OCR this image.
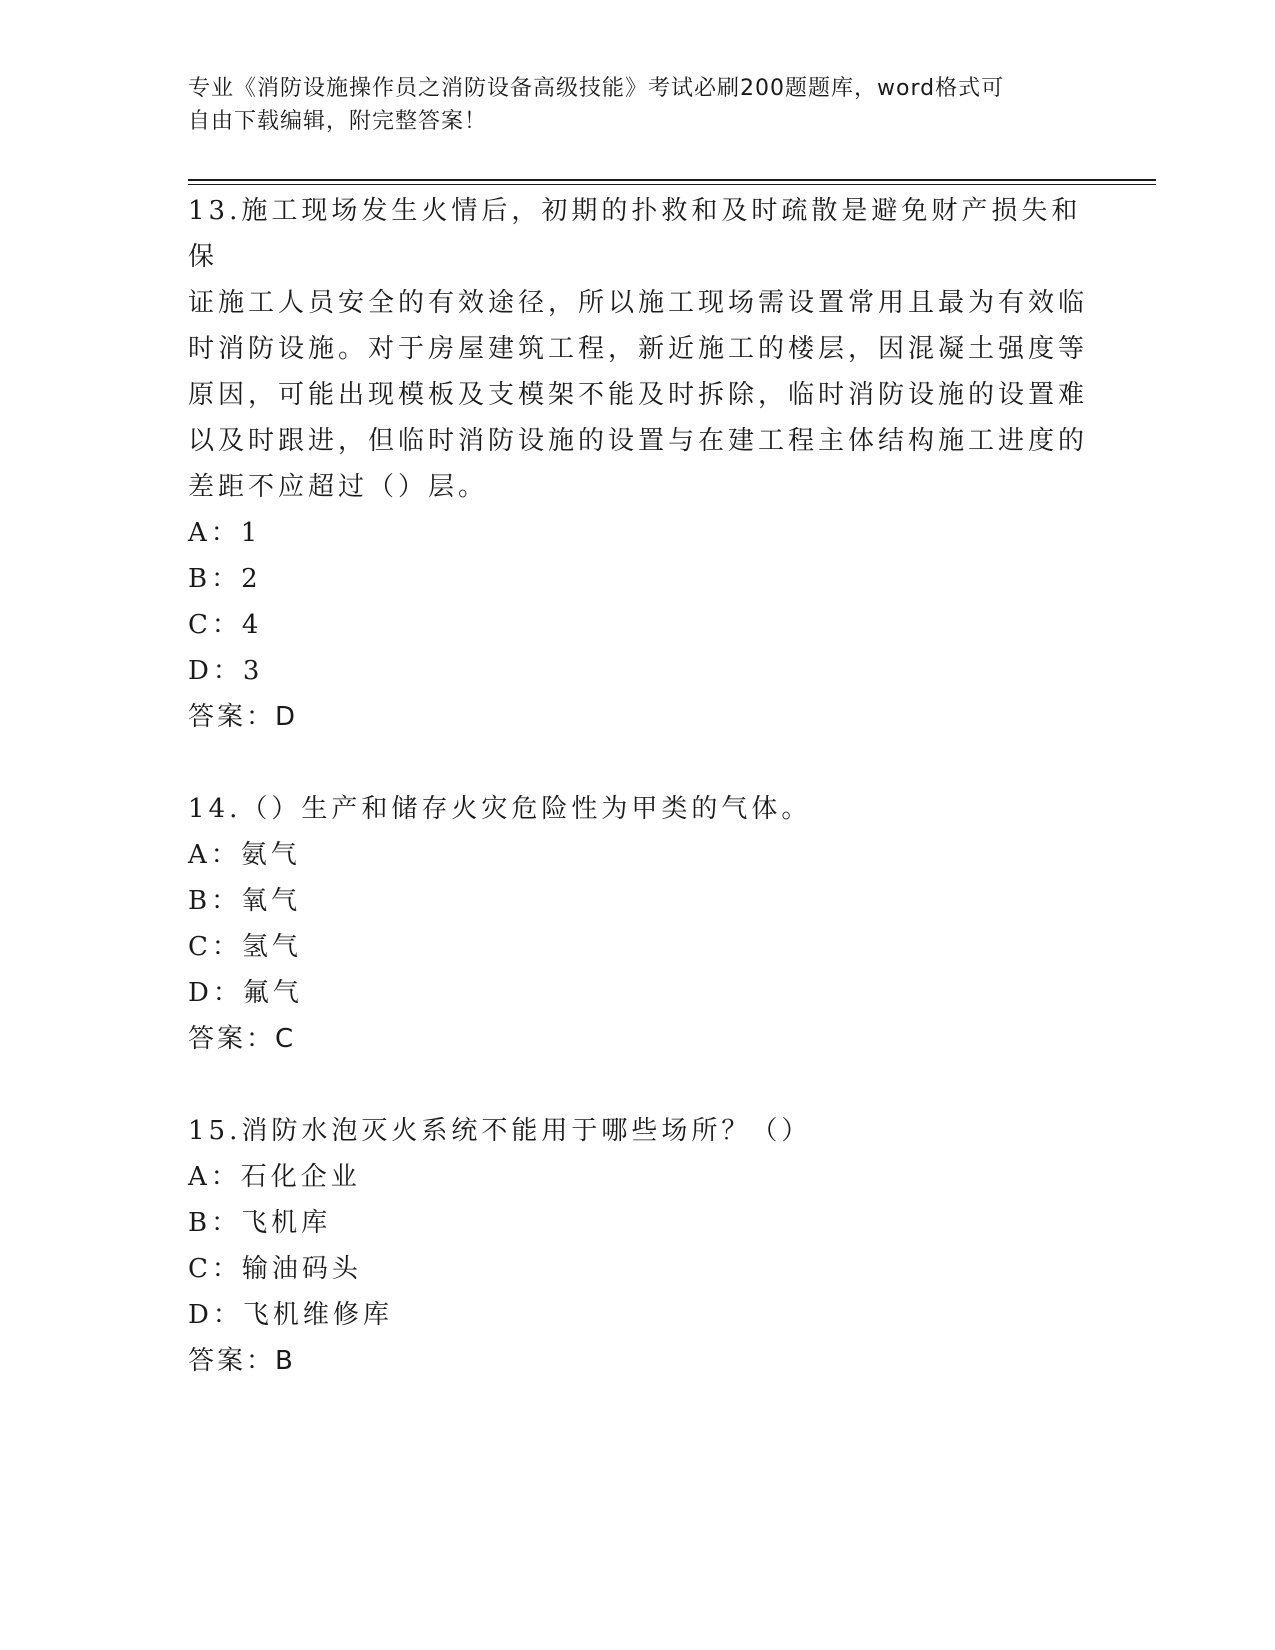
专业《消防设施操作员之消防设备高级技能》考试必刷200题题库，word格式可
自由下载编辑，附完整答案！
13.施工现场发生火情后，初期的扑救和及时疏散是避免财产损失和保
证施工人员安全的有效途径，所以施工现场需设置常用且最为有效临
时消防设施。对于房屋建筑工程，新近施工的楼层，因混凝土强度等
原因，可能出现模板及支模架不能及时拆除，临时消防设施的设置难
以及时跟进，但临时消防设施的设置与在建工程主体结构施工进度的
差距不应超过（）层。
A：1
B：2
C：4
D：3
答案：D
14.（）生产和储存火灾危险性为甲类的气体。
A：氨气
B：氧气
C：氢气
D：氟气
答案：C
15.消防水泡灭火系统不能用于哪些场所？（）
A：石化企业
B：飞机库
C：输油码头
D：飞机维修库
答案：B
